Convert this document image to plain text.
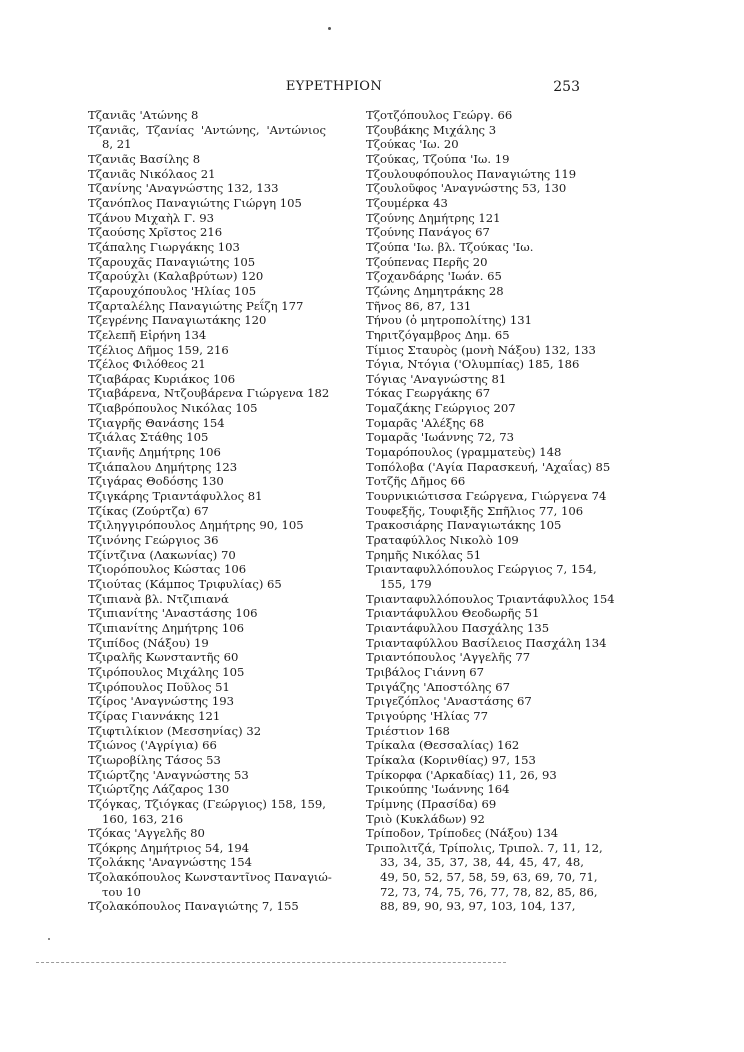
ΕΥΡΕΤΗΡΙΟΝ	253
Τζανιᾶς 'Ατώνης 8
Τζανιᾶς, Τζανίας 'Αντώνης, 'Αντώνιος
8, 21
Τζανιᾶς Βασίλης 8
Τζανιᾶς Νικόλαος 21
Τζανίνης 'Αναγνώστης 132, 133
Τζανόπλος Παναγιώτης Γιώργη 105
Τζάνου Μιχαὴλ Γ. 93
Τζαούσης Χρῖστος 216
Τζάπαλης Γιωργάκης 103
Τζαρουχᾶς Παναγιώτης 105
Τζαρούχλι (Καλαβρύτων) 120
Τζαρουχόπουλος 'Ηλίας 105
Τζαρταλέλης Παναγιώτης Ρεΐζη 177
Τζεγρένης Παναγιωτάκης 120
Τζελεπῆ Εἰρήνη 134
Τζέλιος Δῆμος 159, 216
Τζέλος Φιλόθεος 21
Τζιαβάρας Κυριάκος 106
Τζιαβάρενα, Ντζουβάρενα Γιώργενα 182
Τζιαβρόπουλος Νικόλας 105
Τζιαγρῆς Θανάσης 154
Τζιάλας Στάθης 105
Τζιανῆς Δημήτρης 106
Τζιάπαλου Δημήτρης 123
Τζιγάρας Θοδόσης 130
Τζιγκάρης Τριαντάφυλλος 81
Τζίκας (Ζούρτζα) 67
Τζιληγγιρόπουλος Δημήτρης 90, 105
Τζινόνης Γεώργιος 36
Τζίντζινα (Λακωνίας) 70
Τζιορόπουλος Κώστας 106
Τζιούτας (Κάμπος Τριφυλίας) 65
Τζιπιανὰ βλ. Ντζιπιανά
Τζιπιανίτης 'Αναστάσης 106
Τζιπιανίτης Δημήτρης 106
Τζιπίδος (Νάξου) 19
Τζιραλῆς Κωνσταντῆς 60
Τζιρόπουλος Μιχάλης 105
Τζιρόπουλος Ποῦλος 51
Τζίρος 'Αναγνώστης 193
Τζίρας Γιαννάκης 121
Τζιφτιλίκιον (Μεσσηνίας) 32
Τζιώνος ('Αγρίγια) 66
Τζιωροβίλης Τάσος 53
Τζιώρτζης 'Αναγνώστης 53
Τζιώρτζης Λάζαρος 130
Τζόγκας, Τζιόγκας (Γεώργιος) 158, 159,
160, 163, 216
Τζόκας 'Αγγελῆς 80
Τζόκρης Δημήτριος 54, 194
Τζολάκης 'Αναγνώστης 154
Τζολακόπουλος Κωνσταντῖνος Παναγιώ-
του 10
Τζολακόπουλος Παναγιώτης 7, 155
Τζοτζόπουλος Γεώργ. 66
Τζουβάκης Μιχάλης 3
Τζούκας 'Ιω. 20
Τζούκας, Τζούπα 'Ιω. 19
Τζουλουφόπουλος Παναγιώτης 119
Τζουλοῦφος 'Αναγνώστης 53, 130
Τζουμέρκα 43
Τζούνης Δημήτρης 121
Τζούνης Πανάγος 67
Τζούπα 'Ιω. βλ. Τζούκας 'Ιω.
Τζούπενας Περῆς 20
Τζοχανδάρης 'Ιωάν. 65
Τζώνης Δημητράκης 28
Τῆνος 86, 87, 131
Τήνου (ὁ μητροπολίτης) 131
Τηριτζόγαμβρος Δημ. 65
Τίμιος Σταυρὸς (μονὴ Νάξου) 132, 133
Τόγια, Ντόγια ('Ολυμπίας) 185, 186
Τόγιας 'Αναγνώστης 81
Τόκας Γεωργάκης 67
Τομαζάκης Γεώργιος 207
Τομαρᾶς 'Αλέξης 68
Τομαρᾶς 'Ιωάννης 72, 73
Τομαρόπουλος (γραμματεὺς) 148
Τοπόλοβα ('Αγία Παρασκευή, 'Αχαΐας) 85
Τοτζῆς Δῆμος 66
Τουρνικιώτισσα Γεώργενα, Γιώργενα 74
Τουφεξῆς, Τουφιξῆς Σπῆλιος 77, 106
Τρακοσιάρης Παναγιωτάκης 105
Τραταφύλλος Νικολὸ 109
Τρημῆς Νικόλας 51
Τριανταφυλλόπουλος Γεώργιος 7, 154,
155, 179
Τριανταφυλλόπουλος Τριαντάφυλλος 154
Τριαντάφυλλου Θεοδωρῆς 51
Τριαντάφυλλου Πασχάλης 135
Τριανταφύλλου Βασίλειος Πασχάλη 134
Τριαντόπουλος 'Αγγελῆς 77
Τριβάλος Γιάννη 67
Τριγάζης 'Αποστόλης 67
Τριγεζόπλος 'Αναστάσης 67
Τριγούρης 'Ηλίας 77
Τριέστιον 168
Τρίκαλα (Θεσσαλίας) 162
Τρίκαλα (Κορινθίας) 97, 153
Τρίκορφα ('Αρκαδίας) 11, 26, 93
Τρικούπης 'Ιωάννης 164
Τρίμνης (Πρασίδα) 69
Τριὸ (Κυκλάδων) 92
Τρίποδον, Τρίποδες (Νάξου) 134
Τριπολιτζά, Τρίπολις, Τριπολ. 7, 11, 12,
33, 34, 35, 37, 38, 44, 45, 47, 48,
49, 50, 52, 57, 58, 59, 63, 69, 70, 71,
72, 73, 74, 75, 76, 77, 78, 82, 85, 86,
88, 89, 90, 93, 97, 103, 104, 137,
